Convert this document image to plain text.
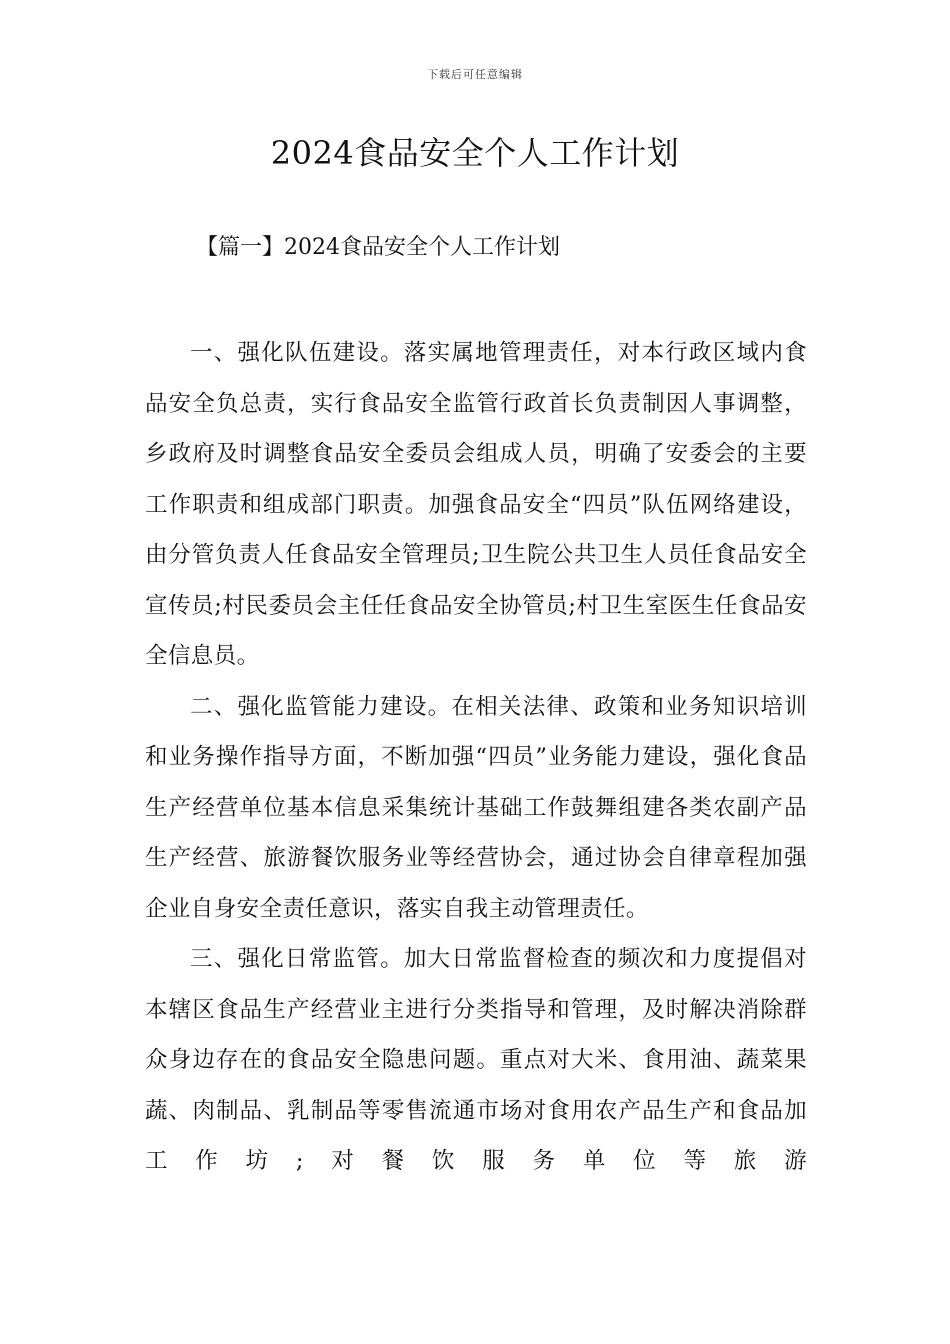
下载后可任意编辑
2024食品安全个人工作计划
【篇一】2024食品安全个人工作计划

一、强化队伍建设。落实属地管理责任，对本行政区域内食品安全负总责，实行食品安全监管行政首长负责制因人事调整，乡政府及时调整食品安全委员会组成人员，明确了安委会的主要工作职责和组成部门职责。加强食品安全“四员”队伍网络建设，由分管负责人任食品安全管理员;卫生院公共卫生人员任食品安全宣传员;村民委员会主任任食品安全协管员;村卫生室医生任食品安全信息员。

二、强化监管能力建设。在相关法律、政策和业务知识培训和业务操作指导方面，不断加强“四员”业务能力建设，强化食品生产经营单位基本信息采集统计基础工作鼓舞组建各类农副产品生产经营、旅游餐饮服务业等经营协会，通过协会自律章程加强企业自身安全责任意识，落实自我主动管理责任。

三、强化日常监管。加大日常监督检查的频次和力度提倡对本辖区食品生产经营业主进行分类指导和管理，及时解决消除群众身边存在的食品安全隐患问题。重点对大米、食用油、蔬菜果蔬、肉制品、乳制品等零售流通市场对食用农产品生产和食品加工作坊;对餐饮服务单位等旅游
